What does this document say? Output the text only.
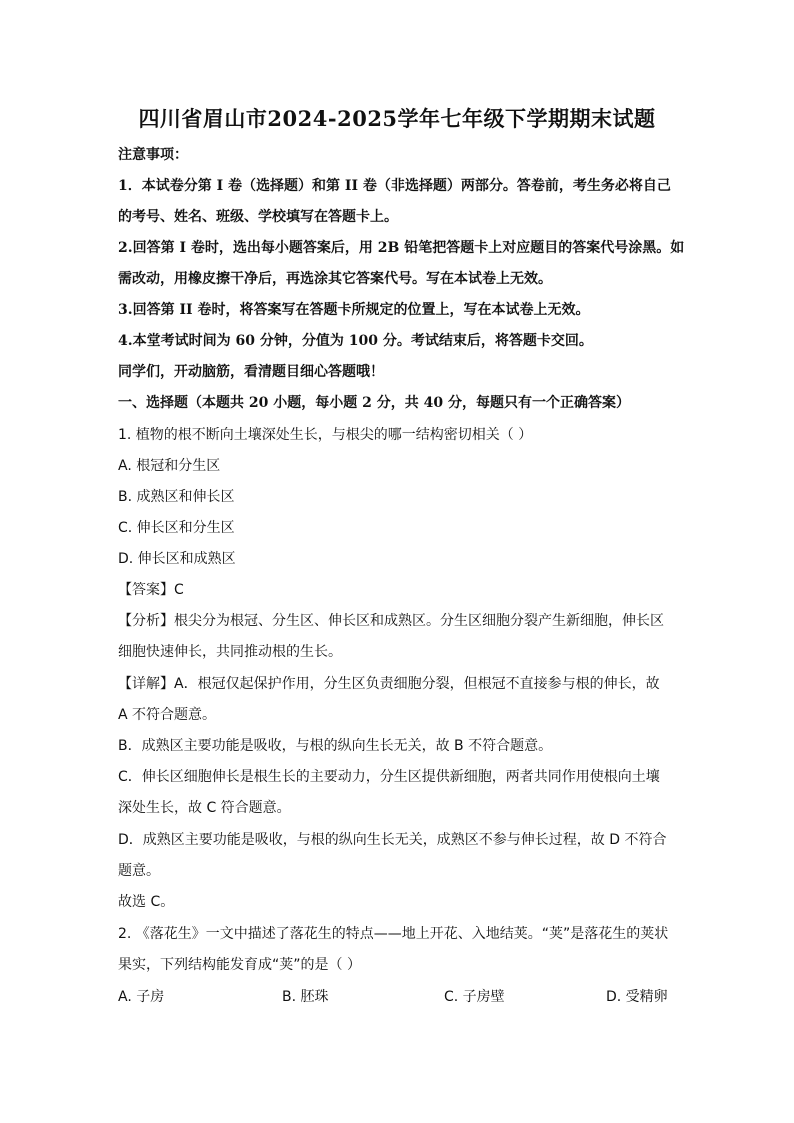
四川省眉山市2024-2025学年七年级下学期期末试题
注意事项：
1．本试卷分第 I 卷（选择题）和第 II 卷（非选择题）两部分。答卷前，考生务必将自己
的考号、姓名、班级、学校填写在答题卡上。
2.回答第 I 卷时，选出每小题答案后，用 2B 铅笔把答题卡上对应题目的答案代号涂黑。如
需改动，用橡皮擦干净后，再选涂其它答案代号。写在本试卷上无效。
3.回答第 II 卷时，将答案写在答题卡所规定的位置上，写在本试卷上无效。
4.本堂考试时间为 60 分钟，分值为 100 分。考试结束后，将答题卡交回。
同学们，开动脑筋，看清题目细心答题哦！
一、选择题（本题共 20 小题，每小题 2 分，共 40 分，每题只有一个正确答案）
1. 植物的根不断向土壤深处生长，与根尖的哪一结构密切相关（ ）
A. 根冠和分生区
B. 成熟区和伸长区
C. 伸长区和分生区
D. 伸长区和成熟区
【答案】C
【分析】根尖分为根冠、分生区、伸长区和成熟区。分生区细胞分裂产生新细胞，伸长区
细胞快速伸长，共同推动根的生长。
【详解】A．根冠仅起保护作用，分生区负责细胞分裂，但根冠不直接参与根的伸长，故
A 不符合题意。
B．成熟区主要功能是吸收，与根的纵向生长无关，故 B 不符合题意。
C．伸长区细胞伸长是根生长的主要动力，分生区提供新细胞，两者共同作用使根向土壤
深处生长，故 C 符合题意。
D．成熟区主要功能是吸收，与根的纵向生长无关，成熟区不参与伸长过程，故 D 不符合
题意。
故选 C。
2. 《落花生》一文中描述了落花生的特点——地上开花、入地结荚。“荚”是落花生的荚状
果实，下列结构能发育成“荚”的是（ ）
A. 子房	B. 胚珠	C. 子房壁	D. 受精卵
